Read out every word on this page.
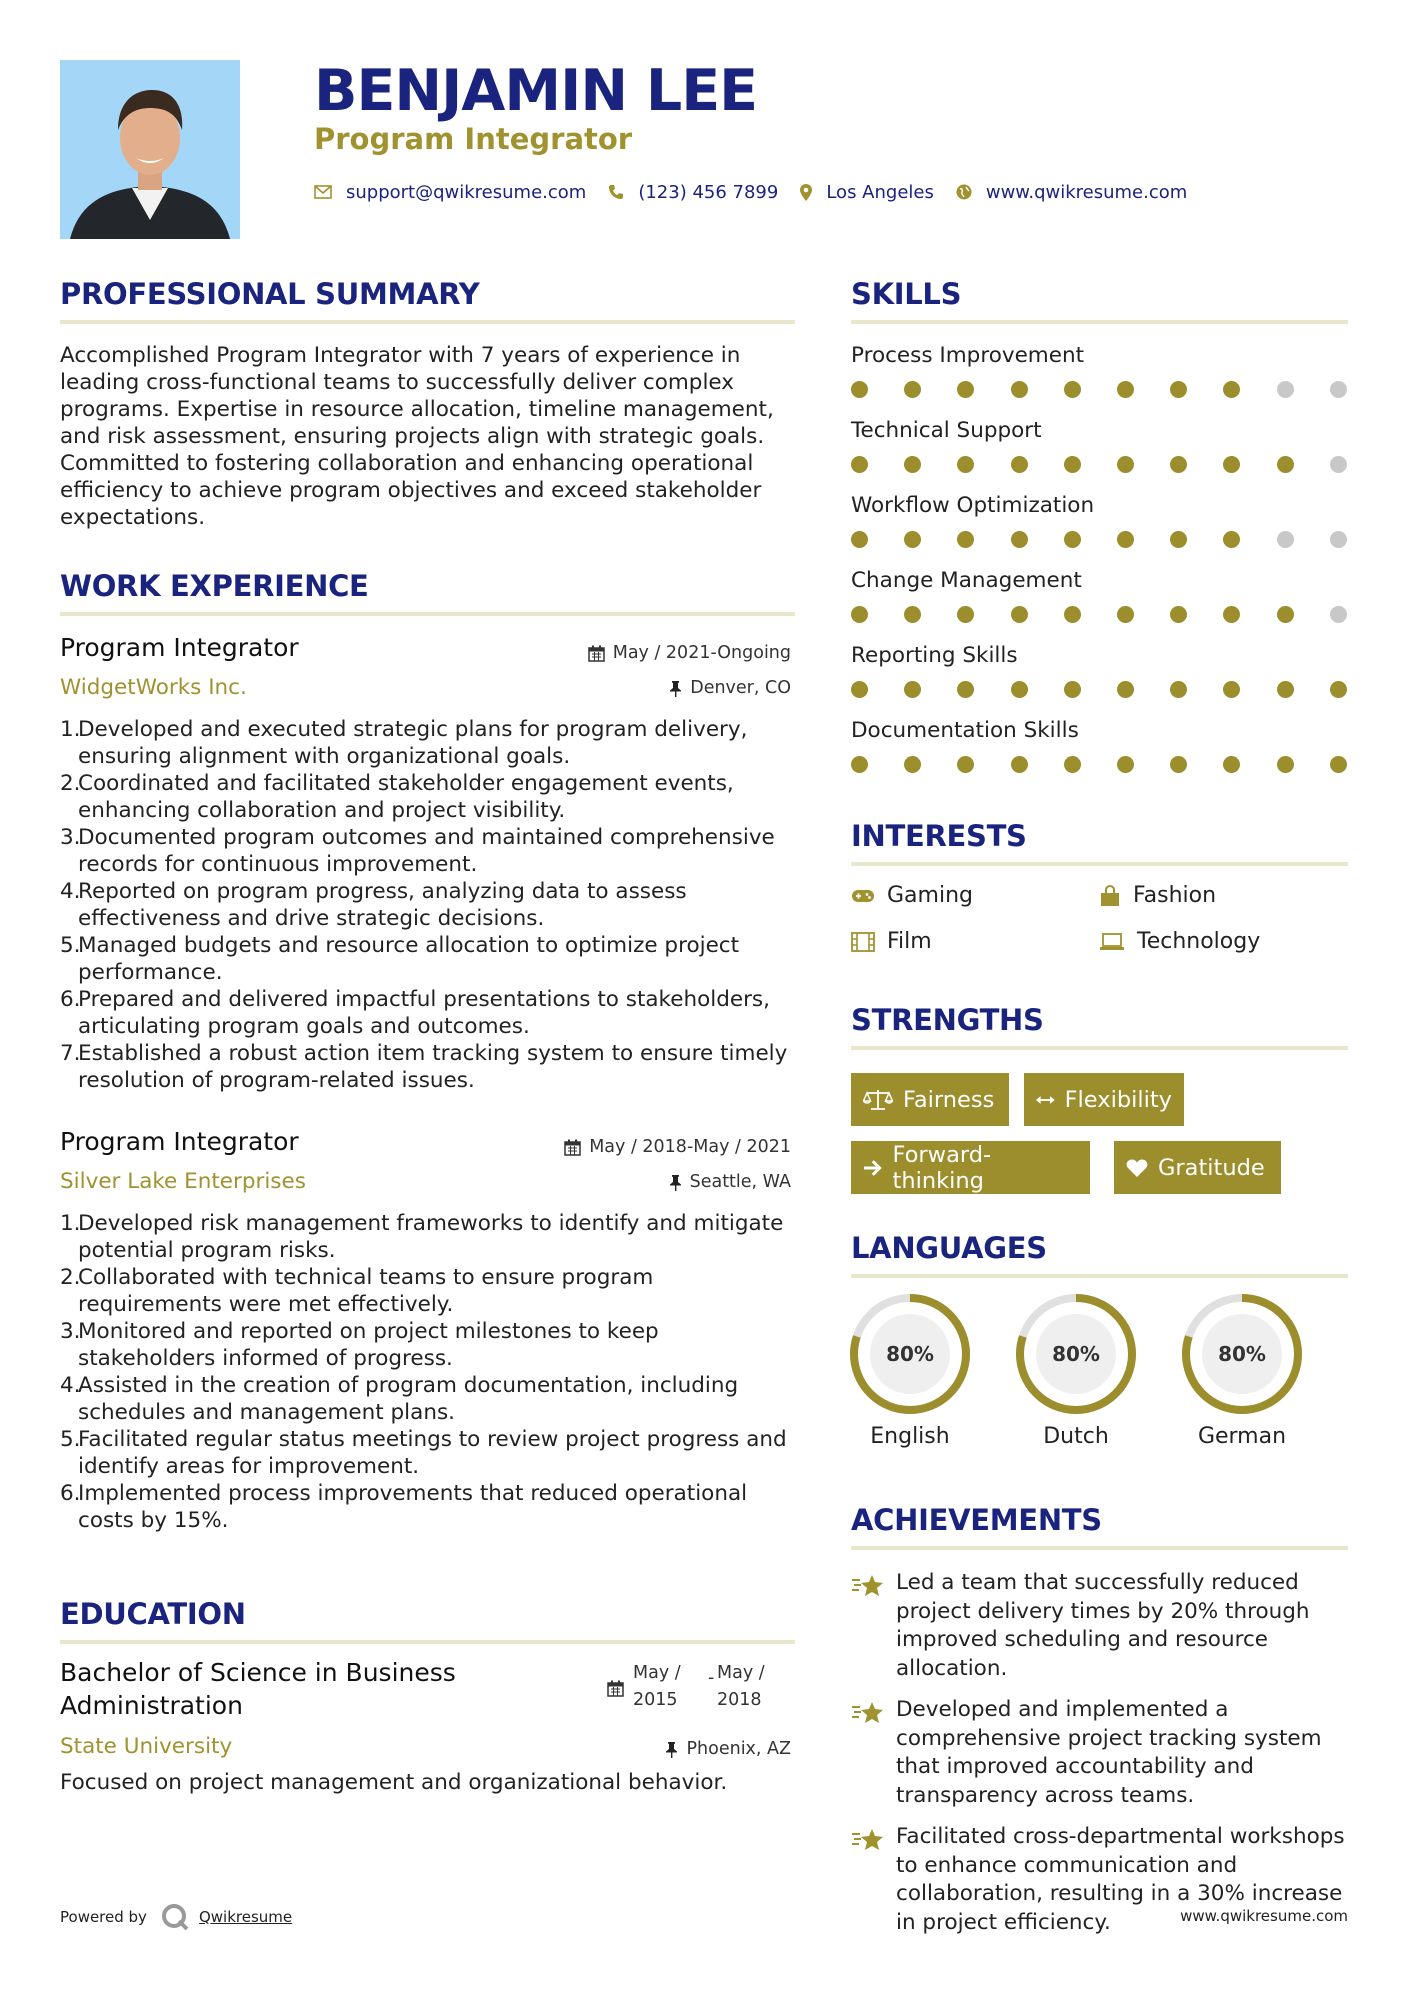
BENJAMIN LEE
Program Integrator
support@qwikresume.com	(123) 456 7899	Los Angeles	www.qwikresume.com
PROFESSIONAL SUMMARY

Accomplished Program Integrator with 7 years of experience in leading cross-functional teams to successfully deliver complex programs. Expertise in resource allocation, timeline management, and risk assessment, ensuring projects align with strategic goals. Committed to fostering collaboration and enhancing operational efficiency to achieve program objectives and exceed stakeholder expectations.

WORK EXPERIENCE

Program Integrator

WidgetWorks Inc.

May / 2021-Ongoing
Denver, CO
1.
Developed and executed strategic plans for program delivery, ensuring alignment with organizational goals.
2.
Coordinated and facilitated stakeholder engagement events, enhancing collaboration and project visibility.
3.
Documented program outcomes and maintained comprehensive records for continuous improvement.
4.
Reported on program progress, analyzing data to assess effectiveness and drive strategic decisions.
5.
Managed budgets and resource allocation to optimize project performance.
6.
Prepared and delivered impactful presentations to stakeholders, articulating program goals and outcomes.
7.
Established a robust action item tracking system to ensure timely resolution of program-related issues.

Program Integrator

Silver Lake Enterprises

May / 2018-May / 2021
Seattle, WA
1.
Developed risk management frameworks to identify and mitigate potential program risks.
2.
Collaborated with technical teams to ensure program requirements were met effectively.
3.
Monitored and reported on project milestones to keep stakeholders informed of progress.
4.
Assisted in the creation of program documentation, including schedules and management plans.
5.
Facilitated regular status meetings to review project progress and identify areas for improvement.
6.
Implemented process improvements that reduced operational costs by 15%.
EDUCATION

Bachelor of Science in Business Administration

State University

May /
2015
- May /
2018
Phoenix, AZ

Focused on project management and organizational behavior.

SKILLS

Process Improvement

Technical Support

Workflow Optimization

Change Management

Reporting Skills

Documentation Skills

INTERESTS
Gaming	Fashion
Film	Technology
STRENGTHS
Fairness	Flexibility
Forward-thinking	Gratitude
LANGUAGES
80%
English
80%
Dutch
80%
German
ACHIEVEMENTS

Led a team that successfully reduced project delivery times by 20% through improved scheduling and resource allocation.

Developed and implemented a comprehensive project tracking system that improved accountability and transparency across teams.

Facilitated cross-departmental workshops to enhance communication and collaboration, resulting in a 30% increase in project efficiency.

Powered by	Qwikresume	www.qwikresume.com
